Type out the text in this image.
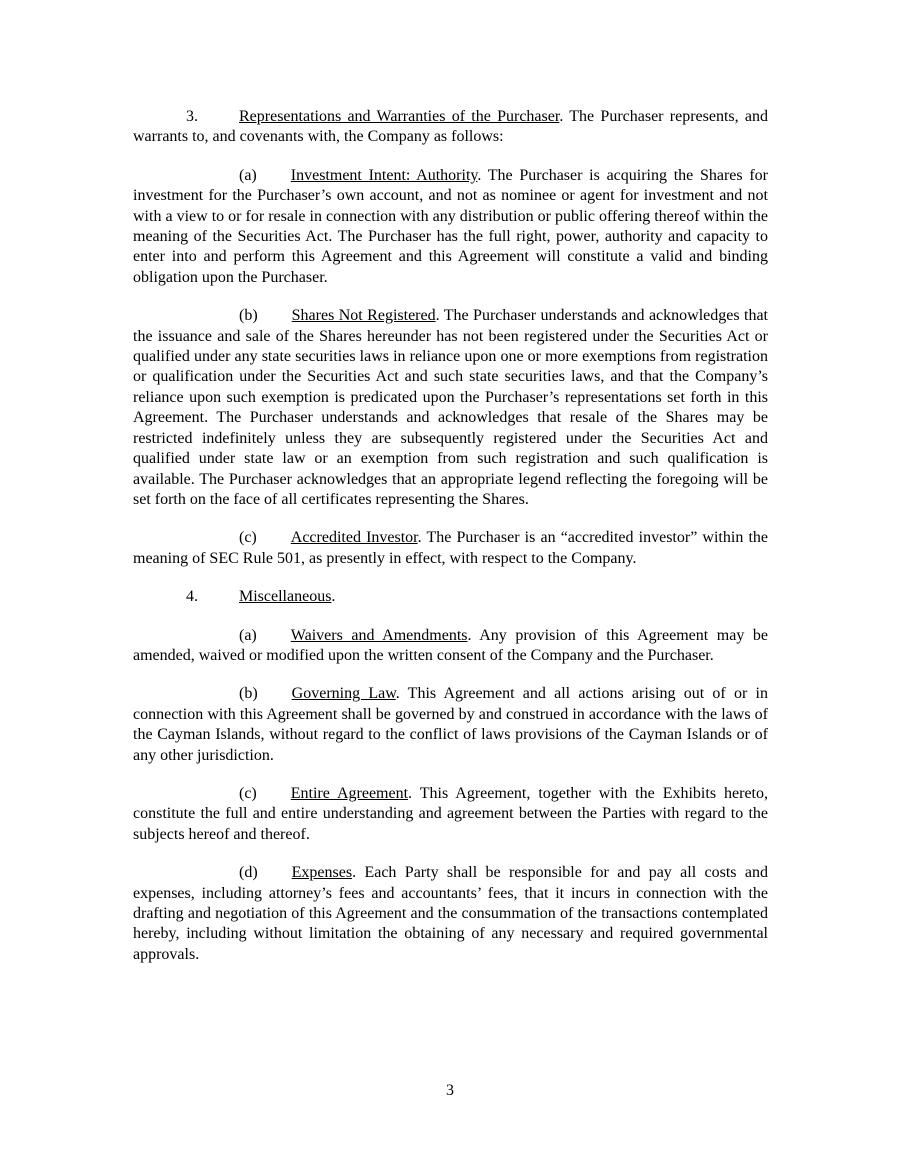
3.	Representations and Warranties of the Purchaser. The Purchaser represents, and warrants to, and covenants with, the Company as follows:

(a) Investment Intent: Authority. The Purchaser is acquiring the Shares for investment for the Purchaser’s own account, and not as nominee or agent for investment and not with a view to or for resale in connection with any distribution or public offering thereof within the meaning of the Securities Act. The Purchaser has the full right, power, authority and capacity to enter into and perform this Agreement and this Agreement will constitute a valid and binding obligation upon the Purchaser.

(b) Shares Not Registered. The Purchaser understands and acknowledges that the issuance and sale of the Shares hereunder has not been registered under the Securities Act or qualified under any state securities laws in reliance upon one or more exemptions from registration or qualification under the Securities Act and such state securities laws, and that the Company’s reliance upon such exemption is predicated upon the Purchaser’s representations set forth in this Agreement. The Purchaser understands and acknowledges that resale of the Shares may be restricted indefinitely unless they are subsequently registered under the Securities Act and qualified under state law or an exemption from such registration and such qualification is available. The Purchaser acknowledges that an appropriate legend reflecting the foregoing will be set forth on the face of all certificates representing the Shares.

(c) Accredited Investor. The Purchaser is an “accredited investor” within the meaning of SEC Rule 501, as presently in effect, with respect to the Company.

4.	Miscellaneous.

(a) Waivers and Amendments. Any provision of this Agreement may be amended, waived or modified upon the written consent of the Company and the Purchaser.

(b) Governing Law. This Agreement and all actions arising out of or in connection with this Agreement shall be governed by and construed in accordance with the laws of the Cayman Islands, without regard to the conflict of laws provisions of the Cayman Islands or of any other jurisdiction.

(c) Entire Agreement. This Agreement, together with the Exhibits hereto, constitute the full and entire understanding and agreement between the Parties with regard to the subjects hereof and thereof.

(d) Expenses. Each Party shall be responsible for and pay all costs and expenses, including attorney’s fees and accountants’ fees, that it incurs in connection with the drafting and negotiation of this Agreement and the consummation of the transactions contemplated hereby, including without limitation the obtaining of any necessary and required governmental approvals.

3
